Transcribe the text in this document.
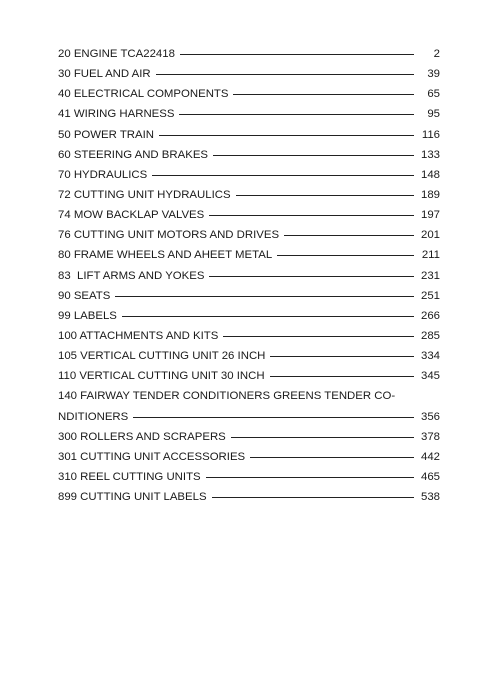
20 ENGINE TCA22418	2
30 FUEL AND AIR	39
40 ELECTRICAL COMPONENTS	65
41 WIRING HARNESS	95
50 POWER TRAIN	116
60 STEERING AND BRAKES	133
70 HYDRAULICS	148
72 CUTTING UNIT HYDRAULICS	189
74 MOW BACKLAP VALVES	197
76 CUTTING UNIT MOTORS AND DRIVES	201
80 FRAME WHEELS AND AHEET METAL	211
83  LIFT ARMS AND YOKES	231
90 SEATS	251
99 LABELS	266
100 ATTACHMENTS AND KITS	285
105 VERTICAL CUTTING UNIT 26 INCH	334
110 VERTICAL CUTTING UNIT 30 INCH	345
140 FAIRWAY TENDER CONDITIONERS GREENS TENDER CO-
NDITIONERS	356
300 ROLLERS AND SCRAPERS	378
301 CUTTING UNIT ACCESSORIES	442
310 REEL CUTTING UNITS	465
899 CUTTING UNIT LABELS	538
